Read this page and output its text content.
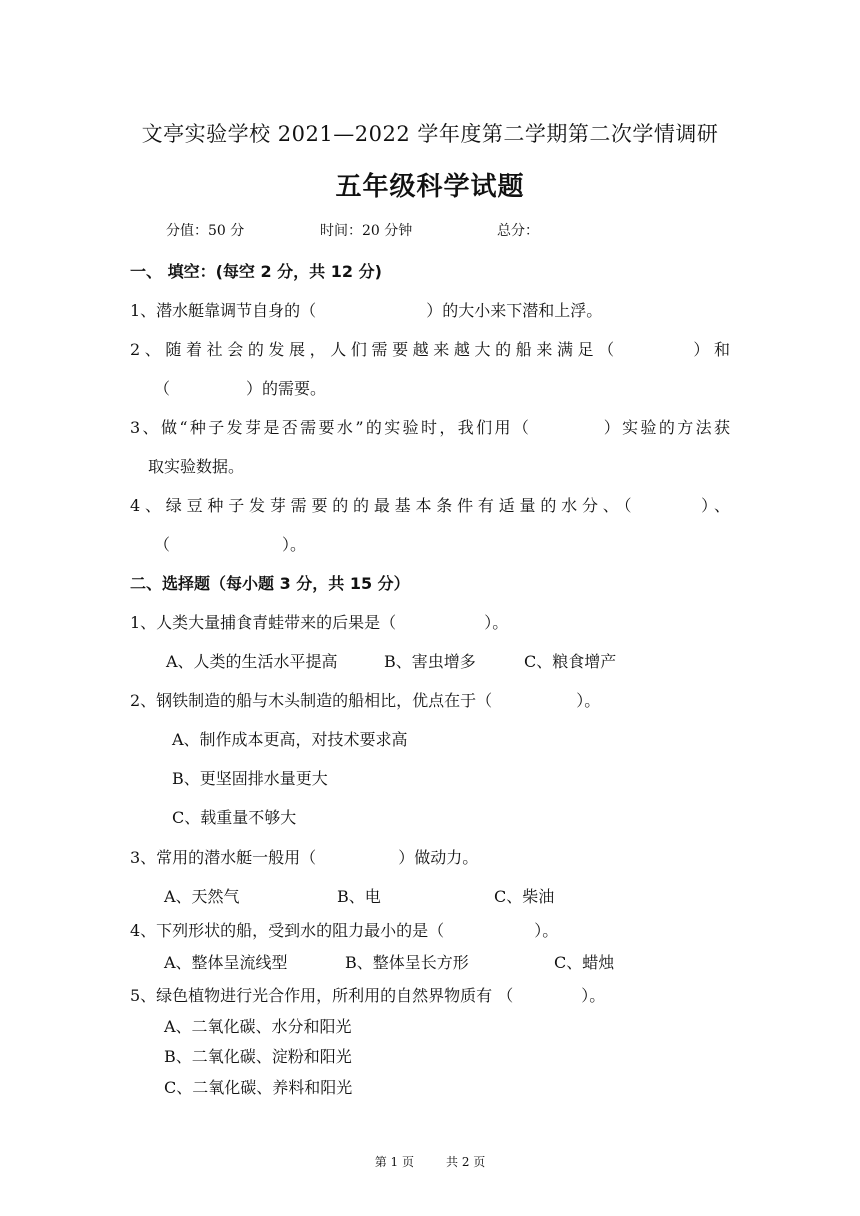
文亭实验学校 2021—2022 学年度第二学期第二次学情调研
五年级科学试题
分值：50 分	时间：20 分钟	总分：
一、 填空：(每空 2 分，共 12 分)
1、潜水艇靠调节自身的（	）的大小来下潜和上浮。
2、随着社会的发展，人们需要越来越大的船来满足（	）和
（	）的需要。
3、做“种子发芽是否需要水”的实验时，我们用（	）实验的方法获
取实验数据。
4、绿豆种子发芽需要的的最基本条件有适量的水分、（	）、
（	）。
二、选择题（每小题 3 分，共 15 分）
1、人类大量捕食青蛙带来的后果是（	）。
A、人类的生活水平提高	B、害虫增多	C、粮食增产
2、钢铁制造的船与木头制造的船相比，优点在于（	）。
A、制作成本更高，对技术要求高
B、更坚固排水量更大
C、载重量不够大
3、常用的潜水艇一般用（	）做动力。
A、天然气	B、电	C、柴油
4、下列形状的船，受到水的阻力最小的是（	）。
A、整体呈流线型	B、整体呈长方形	C、蜡烛
5、绿色植物进行光合作用，所利用的自然界物质有 （	）。
A、二氧化碳、水分和阳光
B、二氧化碳、淀粉和阳光
C、二氧化碳、养料和阳光
第 1 页	共 2 页
